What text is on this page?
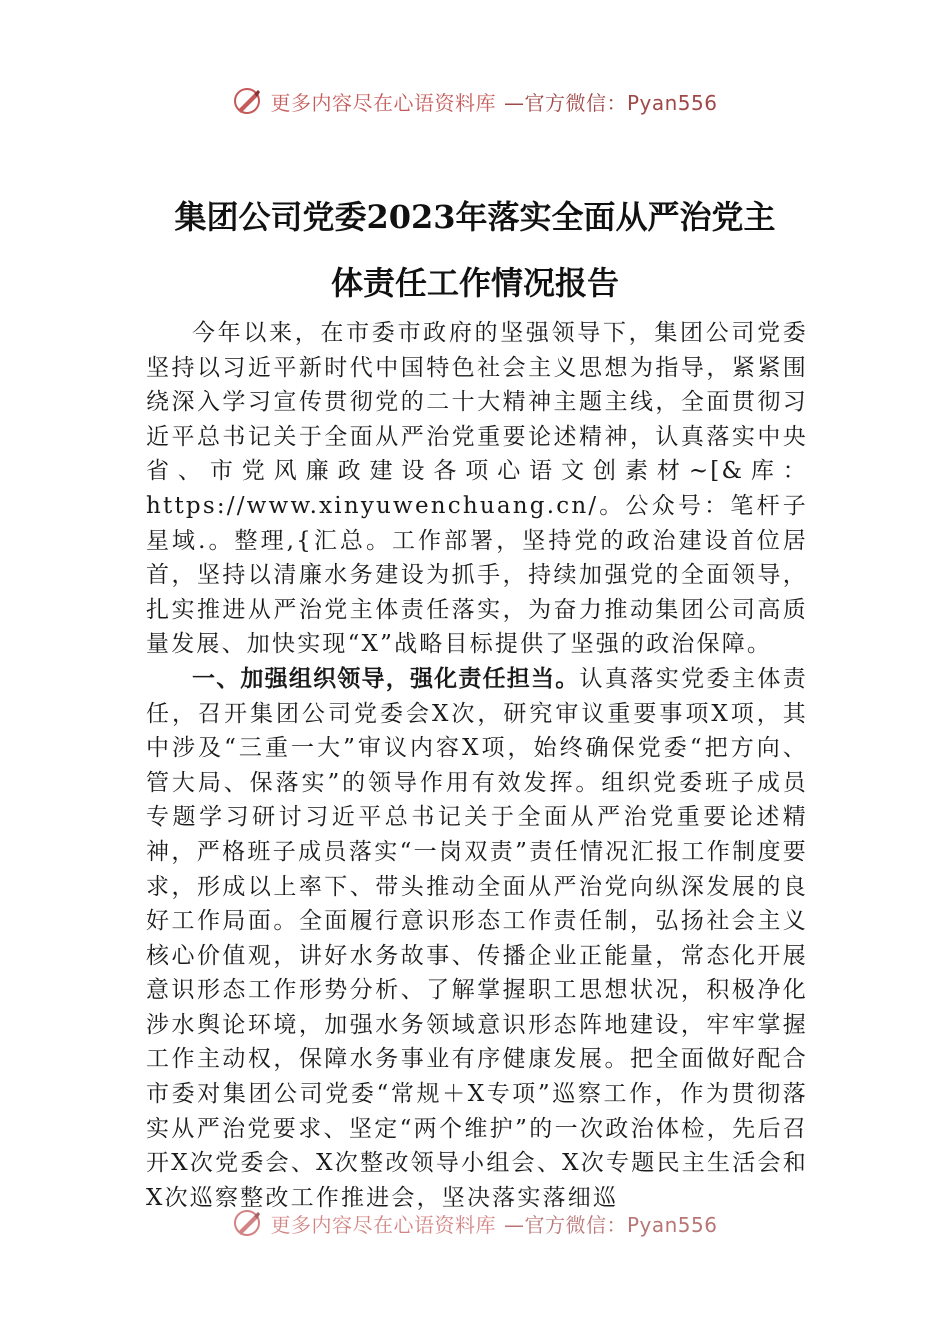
更多内容尽在心语资料库 —官方微信：Pyan556
集团公司党委2023年落实全面从严治党主
体责任工作情况报告

今年以来，在市委市政府的坚强领导下，集团公司党委坚持以习近平新时代中国特色社会主义思想为指导，紧紧围绕深入学习宣传贯彻党的二十大精神主题主线，全面贯彻习近平总书记关于全面从严治党重要论述精神，认真落实中央省、市党风廉政建设各项心语文创素材~[&库：https://www.xinyuwenchuang.cn/。公众号：笔杆子星域.。整理,{汇总。工作部署，坚持党的政治建设首位居首，坚持以清廉水务建设为抓手，持续加强党的全面领导，扎实推进从严治党主体责任落实，为奋力推动集团公司高质量发展、加快实现“X”战略目标提供了坚强的政治保障。

一、加强组织领导，强化责任担当。认真落实党委主体责任，召开集团公司党委会X次，研究审议重要事项X项，其中涉及“三重一大”审议内容X项，始终确保党委“把方向、管大局、保落实”的领导作用有效发挥。组织党委班子成员专题学习研讨习近平总书记关于全面从严治党重要论述精神，严格班子成员落实“一岗双责”责任情况汇报工作制度要求，形成以上率下、带头推动全面从严治党向纵深发展的良好工作局面。全面履行意识形态工作责任制，弘扬社会主义核心价值观，讲好水务故事、传播企业正能量，常态化开展意识形态工作形势分析、了解掌握职工思想状况，积极净化涉水舆论环境，加强水务领域意识形态阵地建设，牢牢掌握工作主动权，保障水务事业有序健康发展。把全面做好配合市委对集团公司党委“常规＋X专项”巡察工作，作为贯彻落实从严治党要求、坚定“两个维护”的一次政治体检，先后召开X次党委会、X次整改领导小组会、X次专题民主生活会和X次巡察整改工作推进会，坚决落实落细巡

更多内容尽在心语资料库 —官方微信：Pyan556
